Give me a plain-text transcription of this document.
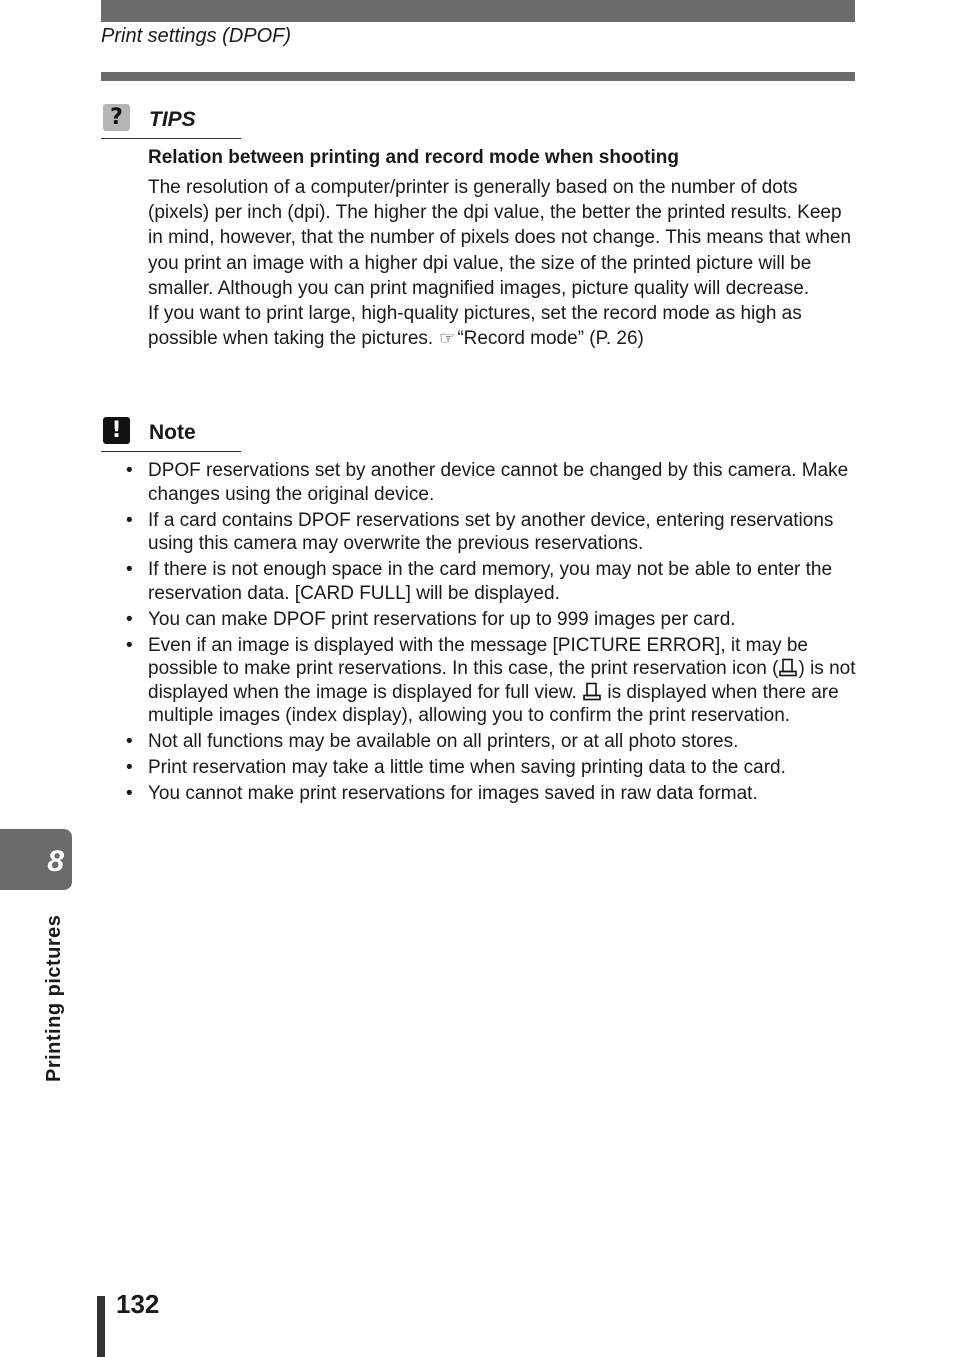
Print settings (DPOF)
?	TIPS
Relation between printing and record mode when shooting

The resolution of a computer/printer is generally based on the number of dots (pixels) per inch (dpi). The higher the dpi value, the better the printed results. Keep in mind, however, that the number of pixels does not change. This means that when you print an image with a higher dpi value, the size of the printed picture will be smaller. Although you can print magnified images, picture quality will decrease.

If you want to print large, high-quality pictures, set the record mode as high as possible when taking the pictures. ☞ “Record mode” (P. 26)

!	Note
• DPOF reservations set by another device cannot be changed by this camera. Make changes using the original device.
• If a card contains DPOF reservations set by another device, entering reservations using this camera may overwrite the previous reservations.
• If there is not enough space in the card memory, you may not be able to enter the reservation data. [CARD FULL] will be displayed.
• You can make DPOF print reservations for up to 999 images per card.
• Even if an image is displayed with the message [PICTURE ERROR], it may be possible to make print reservations. In this case, the print reservation icon ( ) is not displayed when the image is displayed for full view.  is displayed when there are multiple images (index display), allowing you to confirm the print reservation.
• Not all functions may be available on all printers, or at all photo stores.
• Print reservation may take a little time when saving printing data to the card.
• You cannot make print reservations for images saved in raw data format.
8
Printing pictures
132
